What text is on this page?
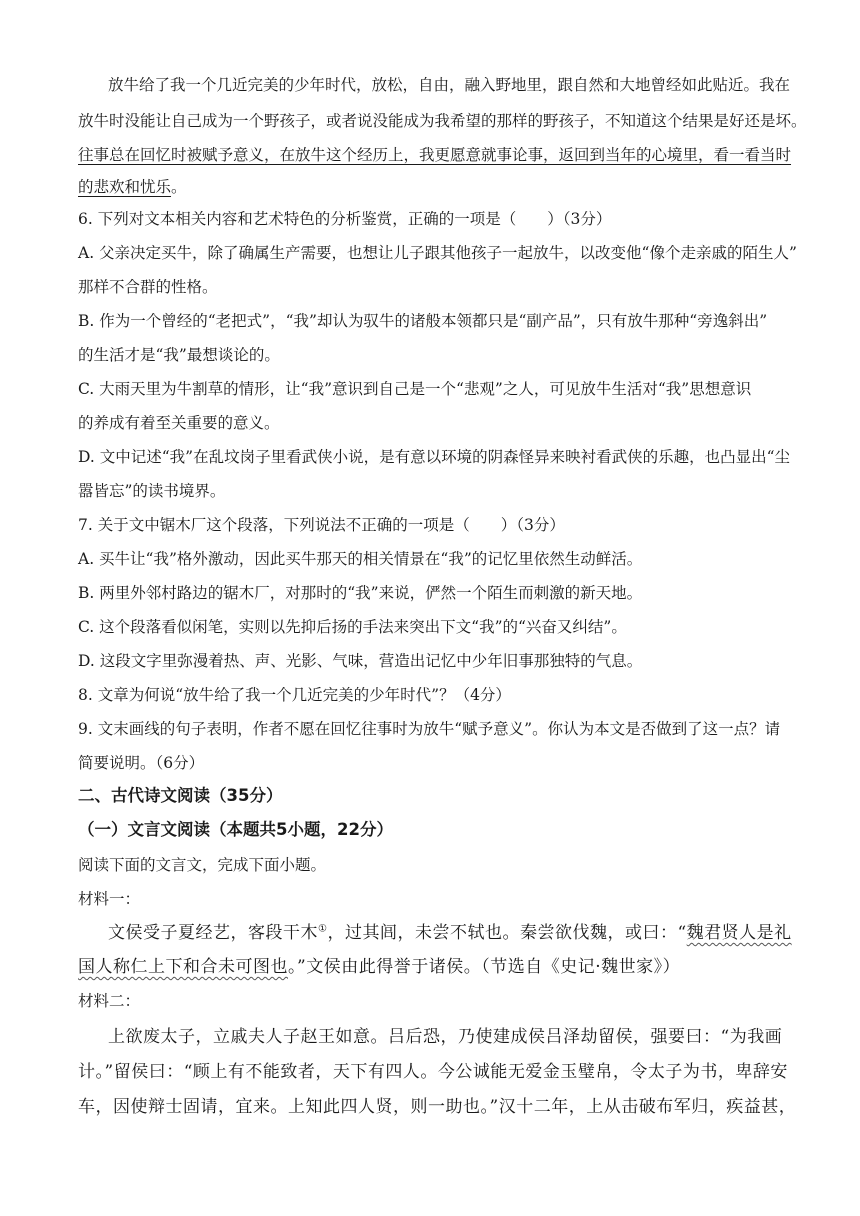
放牛给了我一个几近完美的少年时代，放松，自由，融入野地里，跟自然和大地曾经如此贴近。我在
放牛时没能让自己成为一个野孩子，或者说没能成为我希望的那样的野孩子，不知道这个结果是好还是坏。
往事总在回忆时被赋予意义，在放牛这个经历上，我更愿意就事论事，返回到当年的心境里，看一看当时
的悲欢和忧乐。
6. 下列对文本相关内容和艺术特色的分析鉴赏，正确的一项是（　　）（3分）
A. 父亲决定买牛，除了确属生产需要，也想让儿子跟其他孩子一起放牛，以改变他“像个走亲戚的陌生人”
那样不合群的性格。
B. 作为一个曾经的“老把式”，“我”却认为驭牛的诸般本领都只是“副产品”，只有放牛那种“旁逸斜出”
的生活才是“我”最想谈论的。
C. 大雨天里为牛割草的情形，让“我”意识到自己是一个“悲观”之人，可见放牛生活对“我”思想意识
的养成有着至关重要的意义。
D. 文中记述“我”在乱坟岗子里看武侠小说，是有意以环境的阴森怪异来映衬看武侠的乐趣，也凸显出“尘
嚣皆忘”的读书境界。
7. 关于文中锯木厂这个段落，下列说法不正确的一项是（　　）（3分）
A. 买牛让“我”格外激动，因此买牛那天的相关情景在“我”的记忆里依然生动鲜活。
B. 两里外邻村路边的锯木厂，对那时的“我”来说，俨然一个陌生而刺激的新天地。
C. 这个段落看似闲笔，实则以先抑后扬的手法来突出下文“我”的“兴奋又纠结”。
D. 这段文字里弥漫着热、声、光影、气味，营造出记忆中少年旧事那独特的气息。
8. 文章为何说“放牛给了我一个几近完美的少年时代”？（4分）
9. 文末画线的句子表明，作者不愿在回忆往事时为放牛“赋予意义”。你认为本文是否做到了这一点？请
简要说明。（6分）
二、古代诗文阅读（35分）
（一）文言文阅读（本题共5小题，22分）
阅读下面的文言文，完成下面小题。
材料一：
文侯受子夏经艺，客段干木①，过其闾，未尝不轼也。秦尝欲伐魏，或曰：“魏君贤人是礼
国人称仁上下和合未可图也。”文侯由此得誉于诸侯。（节选自《史记·魏世家》）
材料二：
上欲废太子，立戚夫人子赵王如意。吕后恐，乃使建成侯吕泽劫留侯，强要曰：“为我画
计。”留侯曰：“顾上有不能致者，天下有四人。今公诚能无爱金玉璧帛，令太子为书，卑辞安
车，因使辩士固请，宜来。上知此四人贤，则一助也。”汉十二年，上从击破布军归，疾益甚，
